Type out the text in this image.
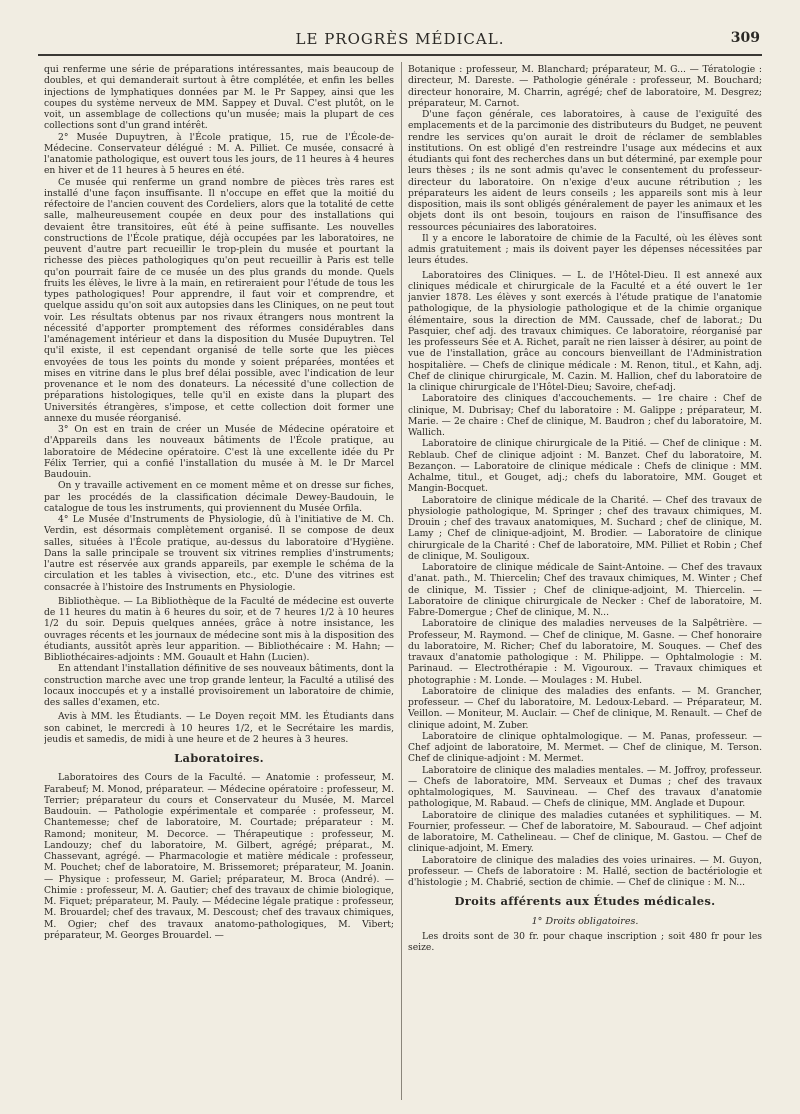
LE PROGRÈS MÉDICAL.	309

qui renferme une série de préparations intéressantes, mais beaucoup de doubles, et qui demanderait surtout à être complétée, et enfin les belles injections de lymphatiques données par M. le Pr Sappey, ainsi que les coupes du système nerveux de MM. Sappey et Duval. C'est plutôt, on le voit, un assemblage de collections qu'un musée; mais la plupart de ces collections sont d'un grand intérêt.

2° Musée Dupuytren, à l'École pratique, 15, rue de l'École-de-Médecine. Conservateur délégué : M. A. Pilliet. Ce musée, consacré à l'anatomie pathologique, est ouvert tous les jours, de 11 heures à 4 heures en hiver et de 11 heures à 5 heures en été.

Ce musée qui renferme un grand nombre de pièces très rares est installé d'une façon insuffisante. Il n'occupe en effet que la moitié du réfectoire de l'ancien couvent des Cordeliers, alors que la totalité de cette salle, malheureusement coupée en deux pour des installations qui devaient être transitoires, eût été à peine suffisante. Les nouvelles constructions de l'École pratique, déjà occupées par les laboratoires, ne peuvent d'autre part recueillir le trop-plein du musée et pourtant la richesse des pièces pathologiques qu'on peut recueillir à Paris est telle qu'on pourrait faire de ce musée un des plus grands du monde. Quels fruits les élèves, le livre à la main, en retireraient pour l'étude de tous les types pathologiques! Pour apprendre, il faut voir et comprendre, et quelque assidu qu'on soit aux autopsies dans les Cliniques, on ne peut tout voir. Les résultats obtenus par nos rivaux étrangers nous montrent la nécessité d'apporter promptement des réformes considérables dans l'aménagement intérieur et dans la disposition du Musée Dupuytren. Tel qu'il existe, il est cependant organisé de telle sorte que les pièces envoyées de tous les points du monde y soient préparées, montées et mises en vitrine dans le plus bref délai possible, avec l'indication de leur provenance et le nom des donateurs. La nécessité d'une collection de préparations histologiques, telle qu'il en existe dans la plupart des Universités étrangères, s'impose, et cette collection doit former une annexe du musée réorganisé.

3° On est en train de créer un Musée de Médecine opératoire et d'Appareils dans les nouveaux bâtiments de l'École pratique, au laboratoire de Médecine opératoire. C'est là une excellente idée du Pr Félix Terrier, qui a confié l'installation du musée à M. le Dr Marcel Baudouin.

On y travaille activement en ce moment même et on dresse sur fiches, par les procédés de la classification décimale Dewey-Baudouin, le catalogue de tous les instruments, qui proviennent du Musée Orfila.

4° Le Musée d'Instruments de Physiologie, dû à l'initiative de M. Ch. Verdin, est désormais complètement organisé. Il se compose de deux salles, situées à l'École pratique, au-dessus du laboratoire d'Hygiène. Dans la salle principale se trouvent six vitrines remplies d'instruments; l'autre est réservée aux grands appareils, par exemple le schéma de la circulation et les tables à vivisection, etc., etc. D'une des vitrines est consacrée à l'histoire des Instruments en Physiologie.

Bibliothèque. — La Bibliothèque de la Faculté de médecine est ouverte de 11 heures du matin à 6 heures du soir, et de 7 heures 1/2 à 10 heures 1/2 du soir. Depuis quelques années, grâce à notre insistance, les ouvrages récents et les journaux de médecine sont mis à la disposition des étudiants, aussitôt après leur apparition. — Bibliothécaire : M. Hahn; — Bibliothécaires-adjoints : MM. Gouault et Hahn (Lucien).

En attendant l'installation définitive de ses nouveaux bâtiments, dont la construction marche avec une trop grande lenteur, la Faculté a utilisé des locaux inoccupés et y a installé provisoirement un laboratoire de chimie, des salles d'examen, etc.

Avis à MM. les Étudiants. — Le Doyen reçoit MM. les Étudiants dans son cabinet, le mercredi à 10 heures 1/2, et le Secrétaire les mardis, jeudis et samedis, de midi à une heure et de 2 heures à 3 heures.

Laboratoires.

Laboratoires des Cours de la Faculté. — Anatomie : professeur, M. Farabeuf; M. Monod, préparateur. — Médecine opératoire : professeur, M. Terrier; préparateur du cours et Conservateur du Musée, M. Marcel Baudouin. — Pathologie expérimentale et comparée : professeur, M. Chantemesse; chef de laboratoire, M. Courtade; préparateur : M. Ramond; moniteur, M. Decorce. — Thérapeutique : professeur, M. Landouzy; chef du laboratoire, M. Gilbert, agrégé; préparat., M. Chassevant, agrégé. — Pharmacologie et matière médicale : professeur, M. Pouchet; chef de laboratoire, M. Brissemoret; préparateur, M. Joanin. — Physique : professeur, M. Gariel; préparateur, M. Broca (André). — Chimie : professeur, M. A. Gautier; chef des travaux de chimie biologique, M. Fiquet; préparateur, M. Pauly. — Médecine légale pratique : professeur, M. Brouardel; chef des travaux, M. Descoust; chef des travaux chimiques, M. Ogier; chef des travaux anatomo-pathologiques, M. Vibert; préparateur, M. Georges Brouardel. —

Botanique : professeur, M. Blanchard; préparateur, M. G... — Tératologie : directeur, M. Dareste. — Pathologie générale : professeur, M. Bouchard; directeur honoraire, M. Charrin, agrégé; chef de laboratoire, M. Desgrez; préparateur, M. Carnot.

D'une façon générale, ces laboratoires, à cause de l'exiguïté des emplacements et de la parcimonie des distributeurs du Budget, ne peuvent rendre les services qu'on aurait le droit de réclamer de semblables institutions. On est obligé d'en restreindre l'usage aux médecins et aux étudiants qui font des recherches dans un but déterminé, par exemple pour leurs thèses ; ils ne sont admis qu'avec le consentement du professeur-directeur du laboratoire. On n'exige d'eux aucune rétribution ; les préparateurs les aident de leurs conseils ; les appareils sont mis à leur disposition, mais ils sont obligés généralement de payer les animaux et les objets dont ils ont besoin, toujours en raison de l'insuffisance des ressources pécuniaires des laboratoires.

Il y a encore le laboratoire de chimie de la Faculté, où les élèves sont admis gratuitement ; mais ils doivent payer les dépenses nécessitées par leurs études.

Laboratoires des Cliniques. — L. de l'Hôtel-Dieu. Il est annexé aux cliniques médicale et chirurgicale de la Faculté et a été ouvert le 1er janvier 1878. Les élèves y sont exercés à l'étude pratique de l'anatomie pathologique, de la physiologie pathologique et de la chimie organique élémentaire, sous la direction de MM. Caussade, chef de laborat.; Du Pasquier, chef adj. des travaux chimiques. Ce laboratoire, réorganisé par les professeurs Sée et A. Richet, paraît ne rien laisser à désirer, au point de vue de l'installation, grâce au concours bienveillant de l'Administration hospitalière. — Chefs de clinique médicale : M. Renon, titul., et Kahn, adj. Chef de clinique chirurgicale, M. Cazin. M. Hallion, chef du laboratoire de la clinique chirurgicale de l'Hôtel-Dieu; Savoire, chef-adj.

Laboratoire des cliniques d'accouchements. — 1re chaire : Chef de clinique, M. Dubrisay; Chef du laboratoire : M. Galippe ; préparateur, M. Marie. — 2e chaire : Chef de clinique, M. Baudron ; chef du laboratoire, M. Wallich.

Laboratoire de clinique chirurgicale de la Pitié. — Chef de clinique : M. Reblaub. Chef de clinique adjoint : M. Banzet. Chef du laboratoire, M. Bezançon. — Laboratoire de clinique médicale : Chefs de clinique : MM. Achalme, titul., et Gouget, adj.; chefs du laboratoire, MM. Gouget et Mangin-Bocquet.

Laboratoire de clinique médicale de la Charité. — Chef des travaux de physiologie pathologique, M. Springer ; chef des travaux chimiques, M. Drouin ; chef des travaux anatomiques, M. Suchard ; chef de clinique, M. Lamy ; Chef de clinique-adjoint, M. Brodier. — Laboratoire de clinique chirurgicale de la Charité : Chef de laboratoire, MM. Pilliet et Robin ; Chef de clinique, M. Souligoux.

Laboratoire de clinique médicale de Saint-Antoine. — Chef des travaux d'anat. path., M. Thiercelin; Chef des travaux chimiques, M. Winter ; Chef de clinique, M. Tissier ; Chef de clinique-adjoint, M. Thiercelin. — Laboratoire de clinique chirurgicale de Necker : Chef de laboratoire, M. Fabre-Domergue ; Chef de clinique, M. N...

Laboratoire de clinique des maladies nerveuses de la Salpêtrière. — Professeur, M. Raymond. — Chef de clinique, M. Gasne. — Chef honoraire du laboratoire, M. Richer; Chef du laboratoire, M. Souques. — Chef des travaux d'anatomie pathologique : M. Philippe. — Ophtalmologie : M. Parinaud. — Electrothérapie : M. Vigouroux. — Travaux chimiques et photographie : M. Londe. — Moulages : M. Hubel.

Laboratoire de clinique des maladies des enfants. — M. Grancher, professeur. — Chef du laboratoire, M. Ledoux-Lebard. — Préparateur, M. Veillon. — Moniteur, M. Auclair. — Chef de clinique, M. Renault. — Chef de clinique adoint, M. Zuber.

Laboratoire de clinique ophtalmologique. — M. Panas, professeur. — Chef adjoint de laboratoire, M. Mermet. — Chef de clinique, M. Terson. Chef de clinique-adjoint : M. Mermet.

Laboratoire de clinique des maladies mentales. — M. Joffroy, professeur. — Chefs de laboratoire, MM. Serveaux et Dumas ; chef des travaux ophtalmologiques, M. Sauvineau. — Chef des travaux d'anatomie pathologique, M. Rabaud. — Chefs de clinique, MM. Anglade et Dupour.

Laboratoire de clinique des maladies cutanées et syphilitiques. — M. Fournier, professeur. — Chef de laboratoire, M. Sabouraud. — Chef adjoint de laboratoire, M. Cathelineau. — Chef de clinique, M. Gastou. — Chef de clinique-adjoint, M. Emery.

Laboratoire de clinique des maladies des voies urinaires. — M. Guyon, professeur. — Chefs de laboratoire : M. Hallé, section de bactériologie et d'histologie ; M. Chabrié, section de chimie. — Chef de clinique : M. N...

Droits afférents aux Études médicales.
1° Droits obligatoires.

Les droits sont de 30 fr. pour chaque inscription ; soit 480 fr pour les seize.
